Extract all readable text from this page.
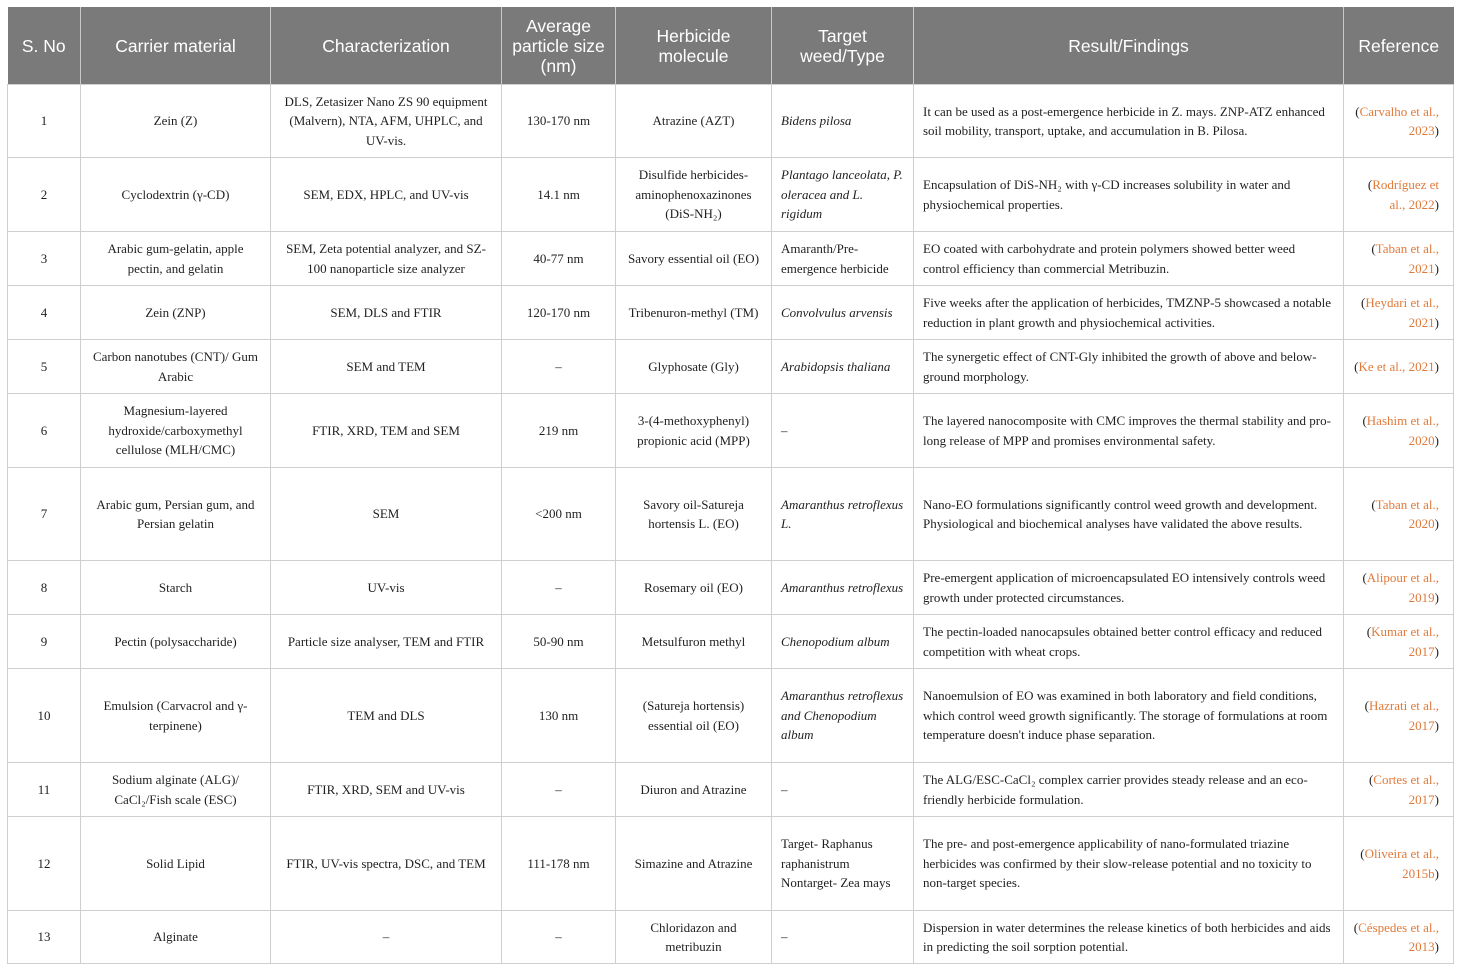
S. No	Carrier material	Characterization	Average particle size (nm)	Herbicide molecule	Target weed/Type	Result/Findings	Reference
1	Zein (Z)	DLS, Zetasizer Nano ZS 90 equipment (Malvern), NTA, AFM, UHPLC, and UV-vis.	130-170 nm	Atrazine (AZT)	Bidens pilosa	It can be used as a post-emergence herbicide in Z. mays. ZNP-ATZ enhanced soil mobility, transport, uptake, and accumulation in B. Pilosa.	(Carvalho et al., 2023)
2	Cyclodextrin (γ-CD)	SEM, EDX, HPLC, and UV-vis	14.1 nm	Disulfide herbicides-aminophenoxazinones (DiS-NH₂)	Plantago lanceolata, P. oleracea and L. rigidum	Encapsulation of DiS-NH₂ with γ-CD increases solubility in water and physiochemical properties.	(Rodríguez et al., 2022)
3	Arabic gum-gelatin, apple pectin, and gelatin	SEM, Zeta potential analyzer, and SZ-100 nanoparticle size analyzer	40-77 nm	Savory essential oil (EO)	Amaranth/Pre-emergence herbicide	EO coated with carbohydrate and protein polymers showed better weed control efficiency than commercial Metribuzin.	(Taban et al., 2021)
4	Zein (ZNP)	SEM, DLS and FTIR	120-170 nm	Tribenuron-methyl (TM)	Convolvulus arvensis	Five weeks after the application of herbicides, TMZNP-5 showcased a notable reduction in plant growth and physiochemical activities.	(Heydari et al., 2021)
5	Carbon nanotubes (CNT)/ Gum Arabic	SEM and TEM	–	Glyphosate (Gly)	Arabidopsis thaliana	The synergetic effect of CNT-Gly inhibited the growth of above and below-ground morphology.	(Ke et al., 2021)
6	Magnesium-layered hydroxide/carboxymethyl cellulose (MLH/CMC)	FTIR, XRD, TEM and SEM	219 nm	3-(4-methoxyphenyl) propionic acid (MPP)	–	The layered nanocomposite with CMC improves the thermal stability and pro-long release of MPP and promises environmental safety.	(Hashim et al., 2020)
7	Arabic gum, Persian gum, and Persian gelatin	SEM	<200 nm	Savory oil-Satureja hortensis L. (EO)	Amaranthus retroflexus L.	Nano-EO formulations significantly control weed growth and development. Physiological and biochemical analyses have validated the above results.	(Taban et al., 2020)
8	Starch	UV-vis	–	Rosemary oil (EO)	Amaranthus retroflexus	Pre-emergent application of microencapsulated EO intensively controls weed growth under protected circumstances.	(Alipour et al., 2019)
9	Pectin (polysaccharide)	Particle size analyser, TEM and FTIR	50-90 nm	Metsulfuron methyl	Chenopodium album	The pectin-loaded nanocapsules obtained better control efficacy and reduced competition with wheat crops.	(Kumar et al., 2017)
10	Emulsion (Carvacrol and γ-terpinene)	TEM and DLS	130 nm	(Satureja hortensis) essential oil (EO)	Amaranthus retroflexus and Chenopodium album	Nanoemulsion of EO was examined in both laboratory and field conditions, which control weed growth significantly. The storage of formulations at room temperature doesn't induce phase separation.	(Hazrati et al., 2017)
11	Sodium alginate (ALG)/ CaCl₂/Fish scale (ESC)	FTIR, XRD, SEM and UV-vis	–	Diuron and Atrazine	–	The ALG/ESC-CaCl₂ complex carrier provides steady release and an eco-friendly herbicide formulation.	(Cortes et al., 2017)
12	Solid Lipid	FTIR, UV-vis spectra, DSC, and TEM	111-178 nm	Simazine and Atrazine	Target- Raphanus raphanistrum Nontarget- Zea mays	The pre- and post-emergence applicability of nano-formulated triazine herbicides was confirmed by their slow-release potential and no toxicity to non-target species.	(Oliveira et al., 2015b)
13	Alginate	–	–	Chloridazon and metribuzin	–	Dispersion in water determines the release kinetics of both herbicides and aids in predicting the soil sorption potential.	(Céspedes et al., 2013)
